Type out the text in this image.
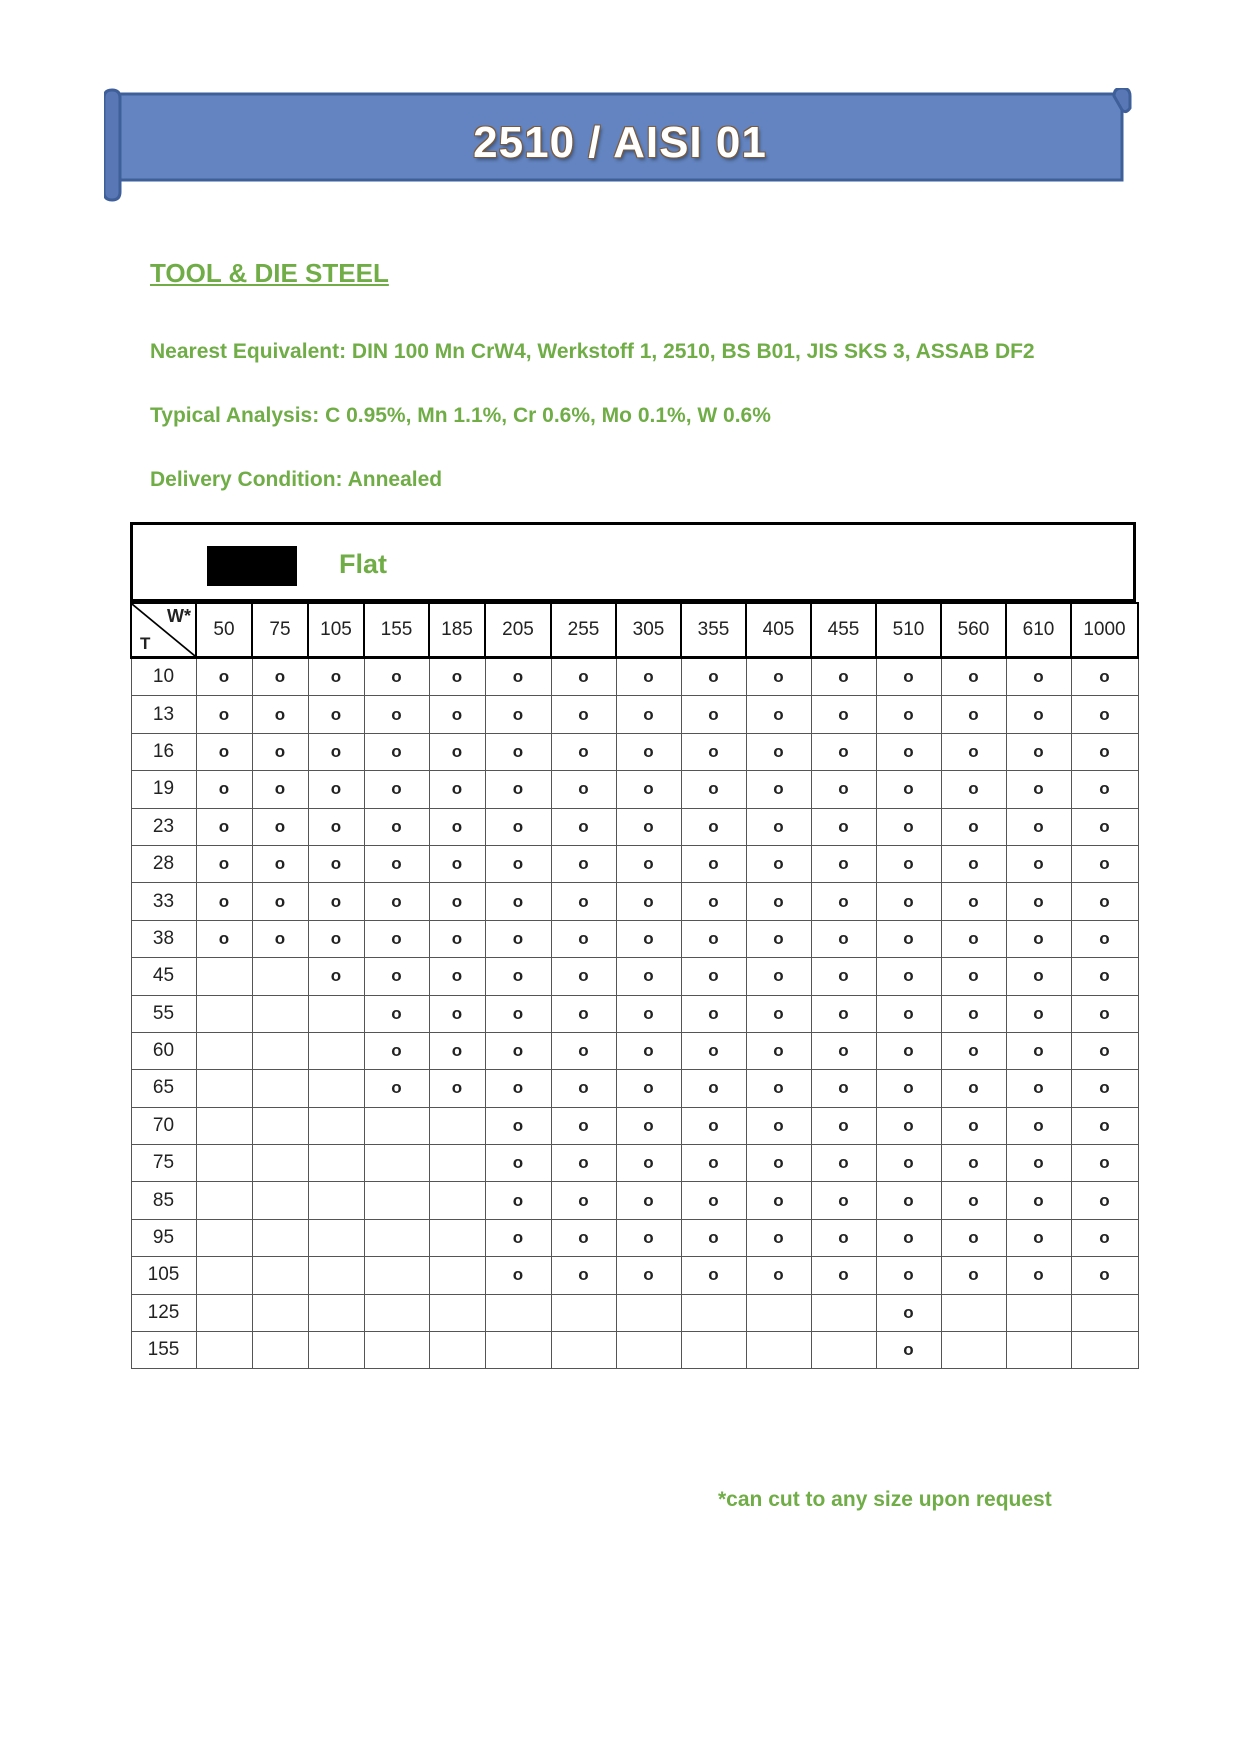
2510 / AISI 01
TOOL & DIE STEEL
Nearest Equivalent: DIN 100 Mn CrW4, Werkstoff 1, 2510, BS B01, JIS SKS 3, ASSAB DF2
Typical Analysis: C 0.95%, Mn 1.1%, Cr 0.6%, Mo 0.1%, W 0.6%
Delivery Condition: Annealed
Flat
W*
T	50	75	105	155	185	205	255	305	355	405	455	510	560	610	1000
10	o	o	o	o	o	o	o	o	o	o	o	o	o	o	o
13	o	o	o	o	o	o	o	o	o	o	o	o	o	o	o
16	o	o	o	o	o	o	o	o	o	o	o	o	o	o	o
19	o	o	o	o	o	o	o	o	o	o	o	o	o	o	o
23	o	o	o	o	o	o	o	o	o	o	o	o	o	o	o
28	o	o	o	o	o	o	o	o	o	o	o	o	o	o	o
33	o	o	o	o	o	o	o	o	o	o	o	o	o	o	o
38	o	o	o	o	o	o	o	o	o	o	o	o	o	o	o
45			o	o	o	o	o	o	o	o	o	o	o	o	o
55				o	o	o	o	o	o	o	o	o	o	o	o
60				o	o	o	o	o	o	o	o	o	o	o	o
65				o	o	o	o	o	o	o	o	o	o	o	o
70						o	o	o	o	o	o	o	o	o	o
75						o	o	o	o	o	o	o	o	o	o
85						o	o	o	o	o	o	o	o	o	o
95						o	o	o	o	o	o	o	o	o	o
105						o	o	o	o	o	o	o	o	o	o
125												o			
155												o			
*can cut to any size upon request
